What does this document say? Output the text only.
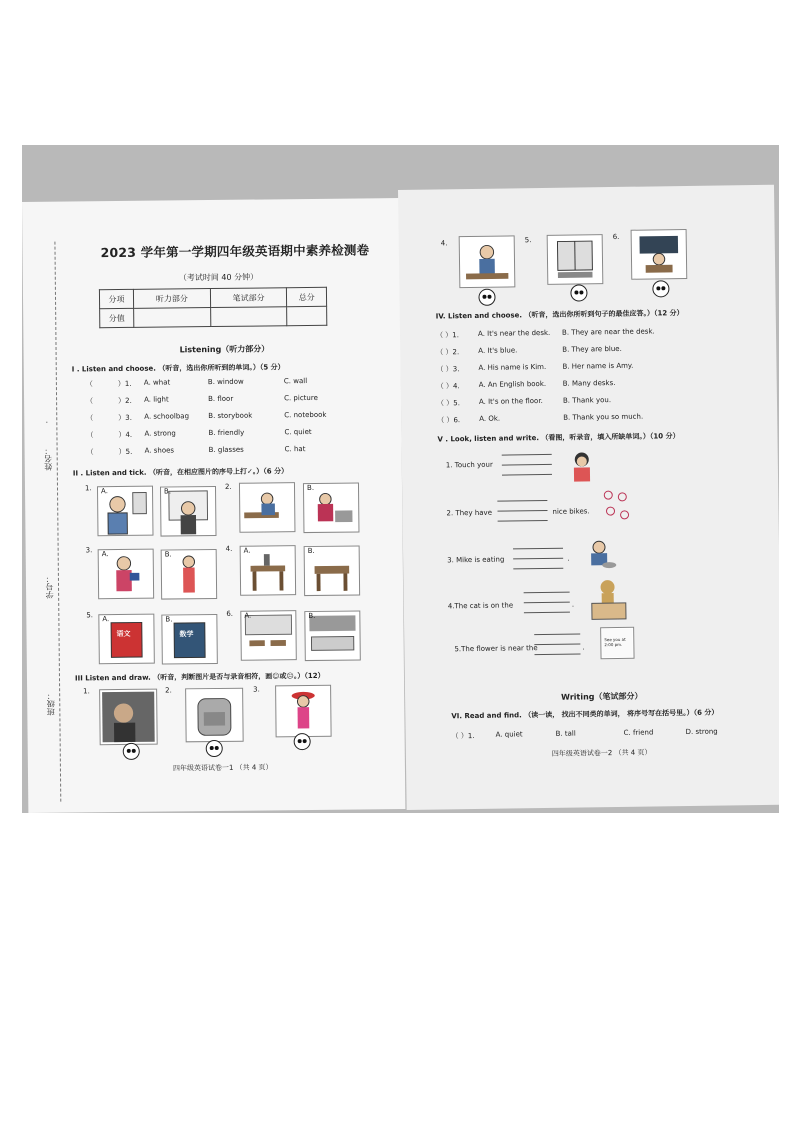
姓名：
学号：
班级：
2023 学年第一学期四年级英语期中素养检测卷
（考试时间 40 分钟）
分项	听力部分	笔试部分	总分
分值			
Listening（听力部分）
I . Listen and choose. （听音，选出你所听到的单词。）（5 分）
（	）1. A. what	B. window	C. wall
（	）2. A. light	B. floor	C. picture
（	）3. A. schoolbag	B. storybook	C. notebook
（	）4. A. strong	B. friendly	C. quiet
（	）5. A. shoes	B. glasses	C. hat
II . Listen and tick. （听音，在相应图片的序号上打✓。）（6 分）
1. A.	B.
2.	B.
3. A.	B.
4. A.	B.
5. A.
语文
B.
数学
6. A.	B.
III Listen and draw. （听音，判断图片是否与录音相符，画☺或☹。）（12）
1.	2.	3.
四年级英语试卷一1 （共 4 页）
4.	5.	6.
IV. Listen and choose. （听音，选出你所听到句子的最佳应答。）（12 分）
（ ）1.	A. It's near the desk. B. They are near the desk.
（ ）2.	A. It's blue.	B. They are blue.
（ ）3.	A. His name is Kim. B. Her name is Amy.
（ ）4.	A. An English book. B. Many desks.
（ ）5.	A. It's on the floor.	B. Thank you.
（ ）6.	A. Ok.	B. Thank you so much.
V . Look, listen and write. （看图，听录音，填入所缺单词。）（10 分）
1. Touch your
2. They have	nice bikes.
3. Mike is eating	.
4.The cat is on the	.
5.The flower is near the	.
See you at 2:00 pm.
Writing（笔试部分）
VI. Read and find. （读一读， 找出不同类的单词， 将序号写在括号里。）（6 分）
（ ）1.	A. quiet	B. tall	C. friend	D. strong
四年级英语试卷一2 （共 4 页）
